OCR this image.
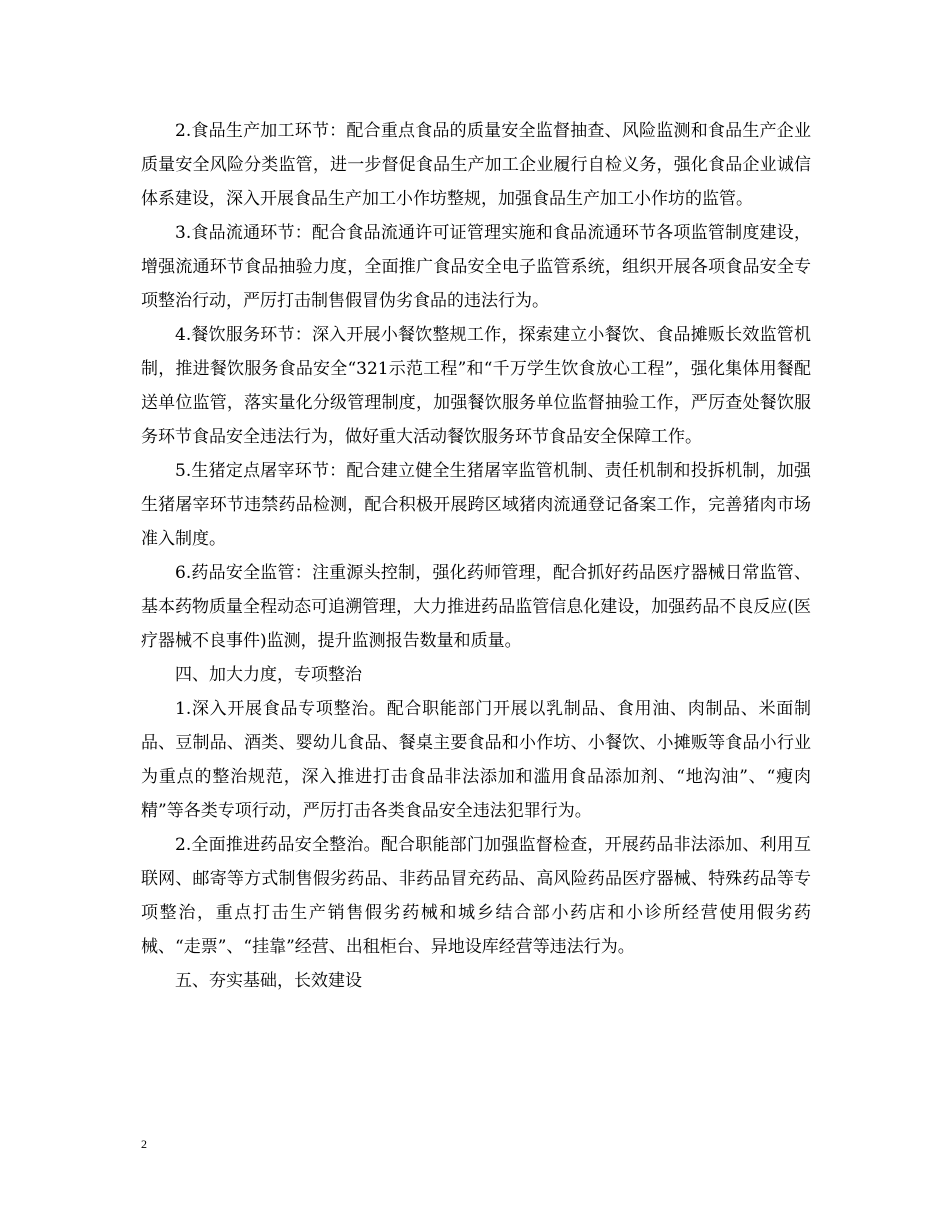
2.食品生产加工环节：配合重点食品的质量安全监督抽查、风险监测和食品生产企业质量安全风险分类监管，进一步督促食品生产加工企业履行自检义务，强化食品企业诚信体系建设，深入开展食品生产加工小作坊整规，加强食品生产加工小作坊的监管。

3.食品流通环节：配合食品流通许可证管理实施和食品流通环节各项监管制度建设，增强流通环节食品抽验力度，全面推广食品安全电子监管系统，组织开展各项食品安全专项整治行动，严厉打击制售假冒伪劣食品的违法行为。

4.餐饮服务环节：深入开展小餐饮整规工作，探索建立小餐饮、食品摊贩长效监管机制，推进餐饮服务食品安全“321示范工程”和“千万学生饮食放心工程”，强化集体用餐配送单位监管，落实量化分级管理制度，加强餐饮服务单位监督抽验工作，严厉查处餐饮服务环节食品安全违法行为，做好重大活动餐饮服务环节食品安全保障工作。

5.生猪定点屠宰环节：配合建立健全生猪屠宰监管机制、责任机制和投拆机制，加强生猪屠宰环节违禁药品检测，配合积极开展跨区域猪肉流通登记备案工作，完善猪肉市场准入制度。

6.药品安全监管：注重源头控制，强化药师管理，配合抓好药品医疗器械日常监管、基本药物质量全程动态可追溯管理，大力推进药品监管信息化建设，加强药品不良反应(医疗器械不良事件)监测，提升监测报告数量和质量。

四、加大力度，专项整治

1.深入开展食品专项整治。配合职能部门开展以乳制品、食用油、肉制品、米面制品、豆制品、酒类、婴幼儿食品、餐桌主要食品和小作坊、小餐饮、小摊贩等食品小行业为重点的整治规范，深入推进打击食品非法添加和滥用食品添加剂、“地沟油”、“瘦肉精”等各类专项行动，严厉打击各类食品安全违法犯罪行为。

2.全面推进药品安全整治。配合职能部门加强监督检查，开展药品非法添加、利用互联网、邮寄等方式制售假劣药品、非药品冒充药品、高风险药品医疗器械、特殊药品等专项整治，重点打击生产销售假劣药械和城乡结合部小药店和小诊所经营使用假劣药械、“走票”、“挂靠”经营、出租柜台、异地设库经营等违法行为。

五、夯实基础，长效建设

2
